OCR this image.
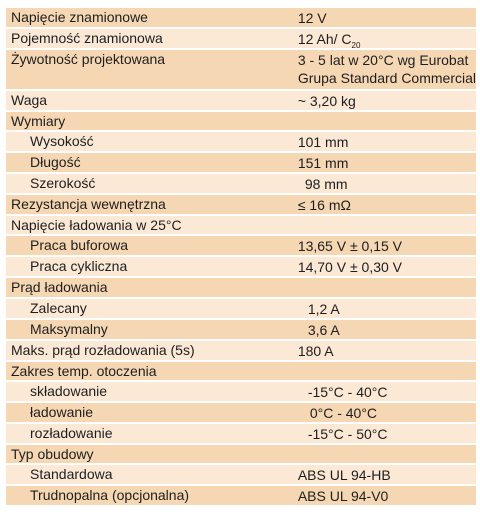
Napięcie znamionowe	12 V
Pojemność znamionowa	12 Ah/ $C_{20}$
Żywotność projektowana	3 - 5 lat w 20°C wg Eurobat
Grupa Standard Commercial

Waga	~ 3,20 kg
Wymiary	
Wysokość	101 mm
Długość	151 mm
Szerokość	98 mm
Rezystancja wewnętrzna	≤ 16 mΩ
Napięcie ładowania w 25°C	
Praca buforowa	13,65 V ± 0,15 V
Praca cykliczna	14,70 V ± 0,30 V
Prąd ładowania	
Zalecany	1,2 A
Maksymalny	3,6 A
Maks. prąd rozładowania (5s)	180 A
Zakres temp. otoczenia	
składowanie	-15°C - 40°C
ładowanie	0°C - 40°C
rozładowanie	-15°C - 50°C
Typ obudowy	
Standardowa	ABS UL 94-HB
Trudnopalna (opcjonalna)	ABS UL 94-V0
